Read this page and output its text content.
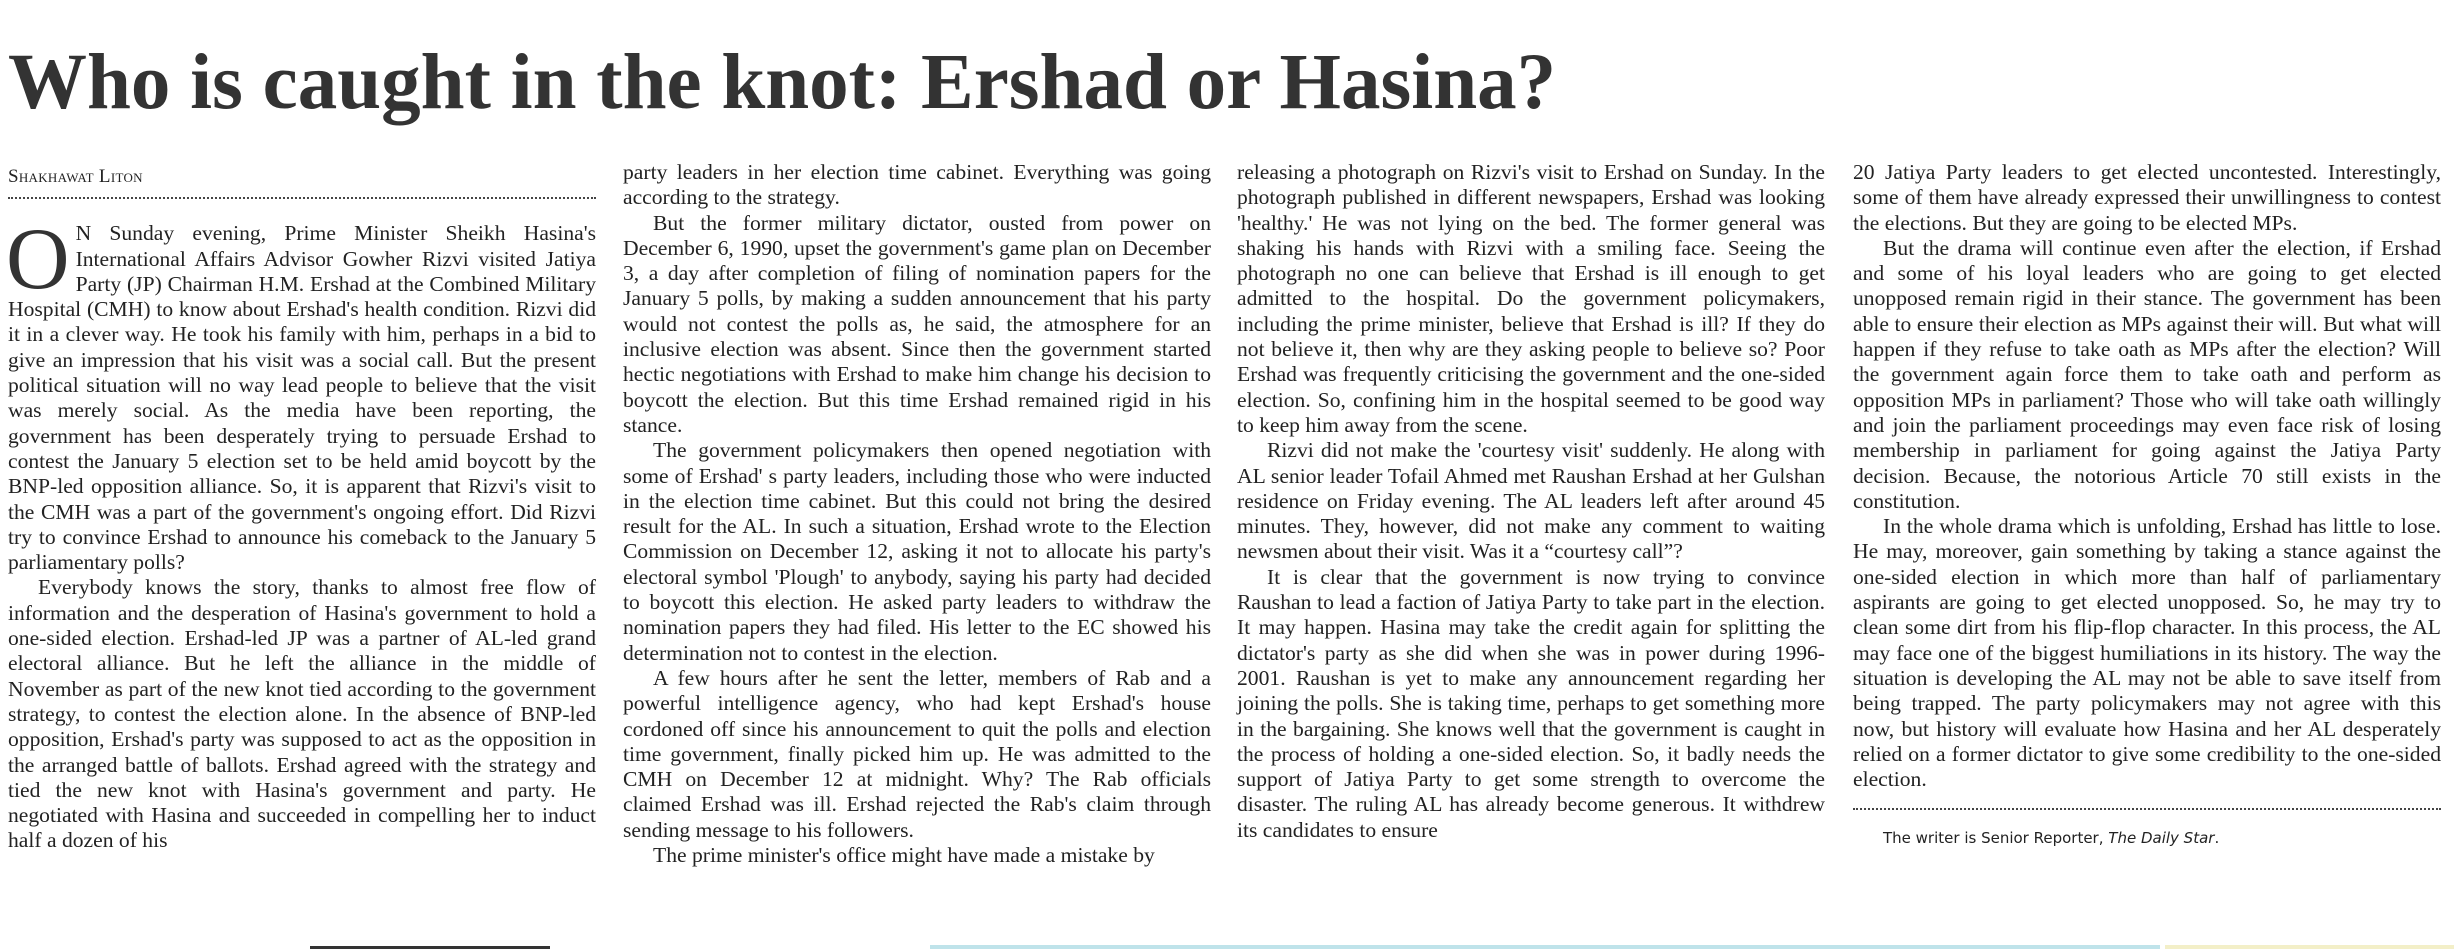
Who is caught in the knot: Ershad or Hasina?
Shakhawat Liton

O N Sunday evening, Prime Minister Sheikh Hasina's International Affairs Advisor Gowher Rizvi visited Jatiya Party (JP) Chairman H.M. Ershad at the Combined Military Hospital (CMH) to know about Ershad's health condition. Rizvi did it in a clever way. He took his family with him, perhaps in a bid to give an impression that his visit was a social call. But the present political situation will no way lead people to believe that the visit was merely social. As the media have been reporting, the government has been desperately trying to persuade Ershad to contest the January 5 election set to be held amid boycott by the BNP-led opposition alliance. So, it is apparent that Rizvi's visit to the CMH was a part of the government's ongoing effort. Did Rizvi try to convince Ershad to announce his comeback to the January 5 parliamentary polls?

Everybody knows the story, thanks to almost free flow of information and the desperation of Hasina's government to hold a one-sided election. Ershad-led JP was a partner of AL-led grand electoral alliance. But he left the alliance in the middle of November as part of the new knot tied according to the government strategy, to contest the election alone. In the absence of BNP-led opposition, Ershad's party was supposed to act as the opposition in the arranged battle of ballots. Ershad agreed with the strategy and tied the new knot with Hasina's government and party. He negotiated with Hasina and succeeded in compelling her to induct half a dozen of his

party leaders in her election time cabinet. Everything was going according to the strategy.

But the former military dictator, ousted from power on December 6, 1990, upset the government's game plan on December 3, a day after completion of filing of nomination papers for the January 5 polls, by making a sudden announcement that his party would not contest the polls as, he said, the atmosphere for an inclusive election was absent. Since then the government started hectic negotiations with Ershad to make him change his decision to boycott the election. But this time Ershad remained rigid in his stance.

The government policymakers then opened negotiation with some of Ershad' s party leaders, including those who were inducted in the election time cabinet. But this could not bring the desired result for the AL. In such a situation, Ershad wrote to the Election Commission on December 12, asking it not to allocate his party's electoral symbol 'Plough' to anybody, saying his party had decided to boycott this election. He asked party leaders to withdraw the nomination papers they had filed. His letter to the EC showed his determination not to contest in the election.

A few hours after he sent the letter, members of Rab and a powerful intelligence agency, who had kept Ershad's house cordoned off since his announcement to quit the polls and election time government, finally picked him up. He was admitted to the CMH on December 12 at midnight. Why? The Rab officials claimed Ershad was ill. Ershad rejected the Rab's claim through sending message to his followers.

The prime minister's office might have made a mistake by

releasing a photograph on Rizvi's visit to Ershad on Sunday. In the photograph published in different newspapers, Ershad was looking 'healthy.' He was not lying on the bed. The former general was shaking his hands with Rizvi with a smiling face. Seeing the photograph no one can believe that Ershad is ill enough to get admitted to the hospital. Do the government policymakers, including the prime minister, believe that Ershad is ill? If they do not believe it, then why are they asking people to believe so? Poor Ershad was frequently criticising the government and the one-sided election. So, confining him in the hospital seemed to be good way to keep him away from the scene.

Rizvi did not make the 'courtesy visit' suddenly. He along with AL senior leader Tofail Ahmed met Raushan Ershad at her Gulshan residence on Friday evening. The AL leaders left after around 45 minutes. They, however, did not make any comment to waiting newsmen about their visit. Was it a “courtesy call”?

It is clear that the government is now trying to convince Raushan to lead a faction of Jatiya Party to take part in the election. It may happen. Hasina may take the credit again for splitting the dictator's party as she did when she was in power during 1996-2001. Raushan is yet to make any announcement regarding her joining the polls. She is taking time, perhaps to get something more in the bargaining. She knows well that the government is caught in the process of holding a one-sided election. So, it badly needs the support of Jatiya Party to get some strength to overcome the disaster. The ruling AL has already become generous. It withdrew its candidates to ensure

20 Jatiya Party leaders to get elected uncontested. Interestingly, some of them have already expressed their unwillingness to contest the elections. But they are going to be elected MPs.

But the drama will continue even after the election, if Ershad and some of his loyal leaders who are going to get elected unopposed remain rigid in their stance. The government has been able to ensure their election as MPs against their will. But what will happen if they refuse to take oath as MPs after the election? Will the government again force them to take oath and perform as opposition MPs in parliament? Those who will take oath willingly and join the parliament proceedings may even face risk of losing membership in parliament for going against the Jatiya Party decision. Because, the notorious Article 70 still exists in the constitution.

In the whole drama which is unfolding, Ershad has little to lose. He may, moreover, gain something by taking a stance against the one-sided election in which more than half of parliamentary aspirants are going to get elected unopposed. So, he may try to clean some dirt from his flip-flop character. In this process, the AL may face one of the biggest humiliations in its history. The way the situation is developing the AL may not be able to save itself from being trapped. The party policymakers may not agree with this now, but history will evaluate how Hasina and her AL desperately relied on a former dictator to give some credibility to the one-sided election.

The writer is Senior Reporter, The Daily Star.
